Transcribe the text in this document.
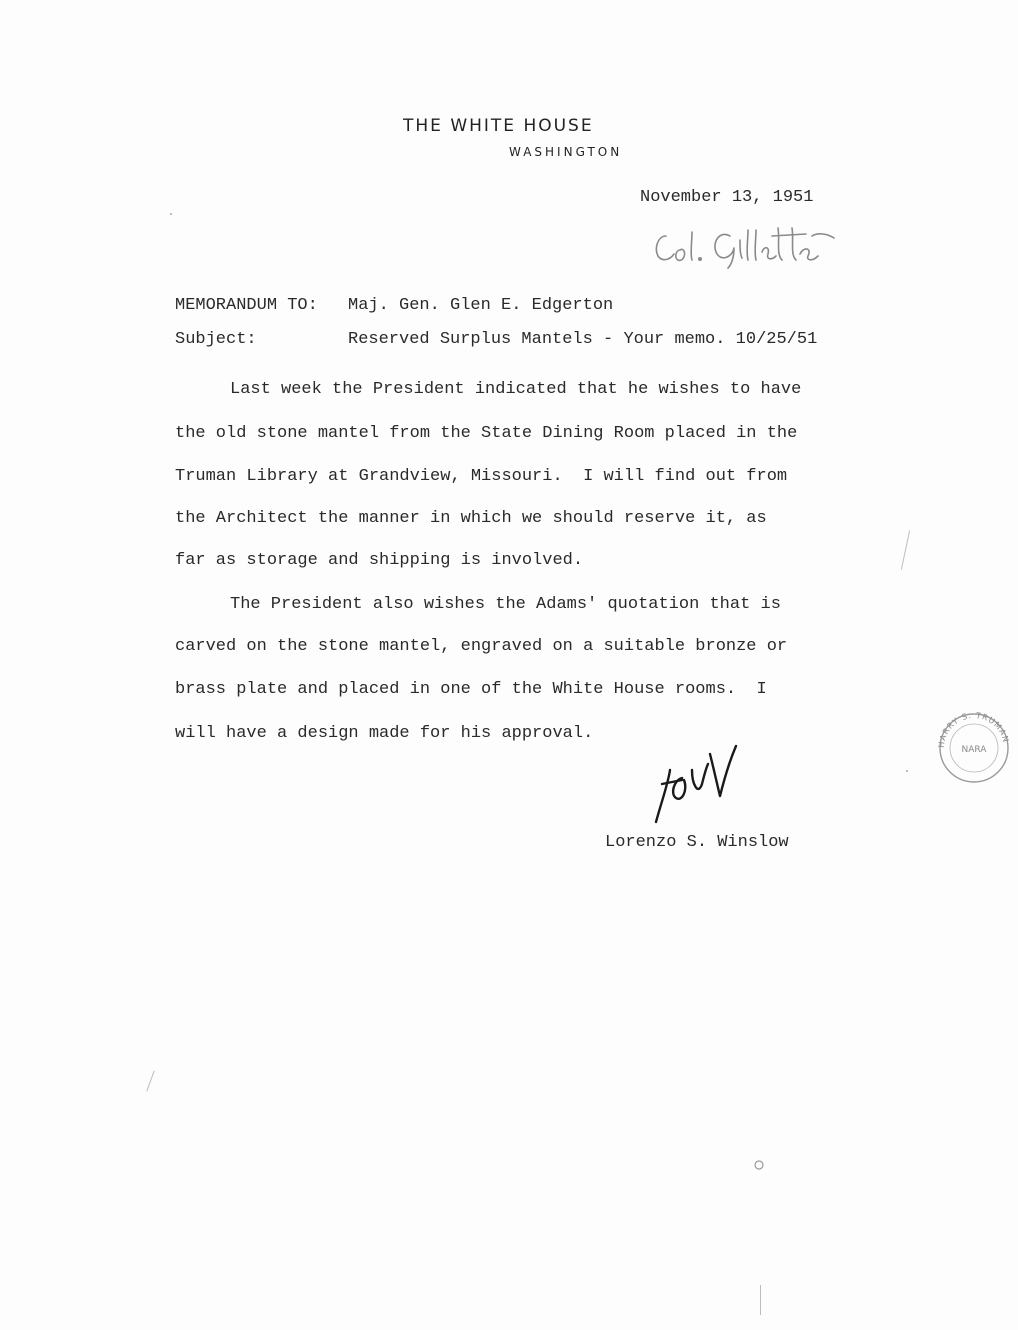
THE WHITE HOUSE
WASHINGTON
November 13, 1951
MEMORANDUM TO: Maj. Gen. Glen E. Edgerton
Subject:	Reserved Surplus Mantels - Your memo. 10/25/51
Last week the President indicated that he wishes to have
the old stone mantel from the State Dining Room placed in the
Truman Library at Grandview, Missouri.  I will find out from
the Architect the manner in which we should reserve it, as
far as storage and shipping is involved.
The President also wishes the Adams' quotation that is
carved on the stone mantel, engraved on a suitable bronze or
brass plate and placed in one of the White House rooms.  I
will have a design made for his approval.
Lorenzo S. Winslow
HARRY S. TRUMAN
NARA
